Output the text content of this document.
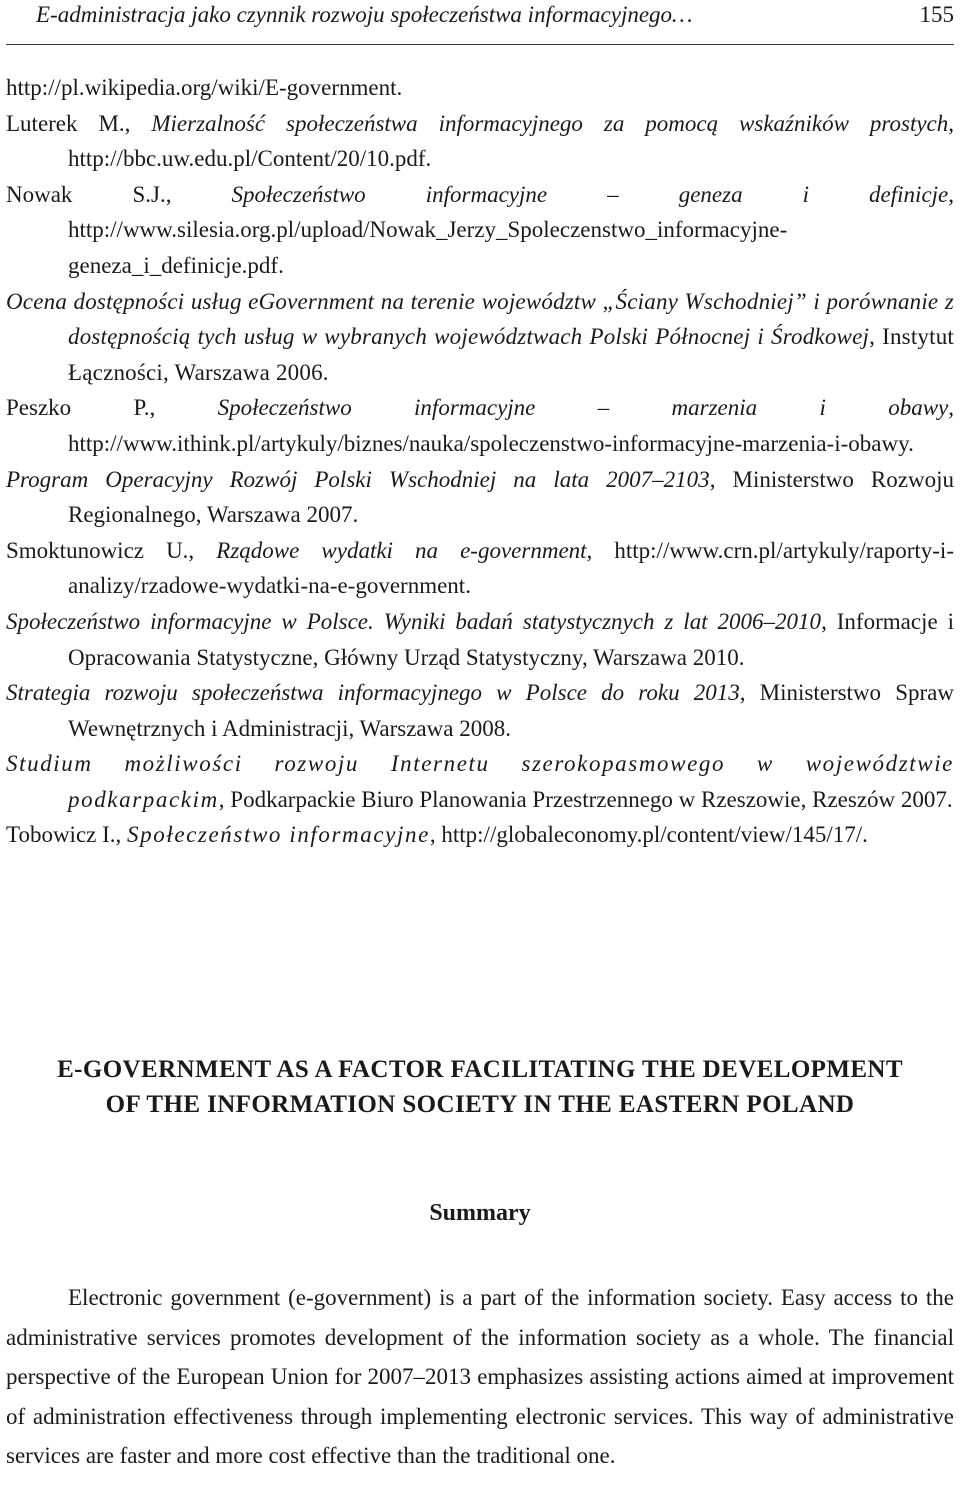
E-administracja jako czynnik rozwoju społeczeństwa informacyjnego…	155
http://pl.wikipedia.org/wiki/E-government.
Luterek M., Mierzalność społeczeństwa informacyjnego za pomocą wskaźników prostych, http://bbc.uw.edu.pl/Content/20/10.pdf.
Nowak S.J., Społeczeństwo informacyjne – geneza i definicje, http://www.silesia.org.pl/upload/Nowak_Jerzy_Spoleczenstwo_informacyjne-geneza_i_definicje.pdf.
Ocena dostępności usług eGovernment na terenie województw „Ściany Wschodniej” i porównanie z dostępnością tych usług w wybranych województwach Polski Północnej i Środkowej, Instytut Łączności, Warszawa 2006.
Peszko P., Społeczeństwo informacyjne – marzenia i obawy, http://www.ithink.pl/artykuly/biznes/nauka/spoleczenstwo-informacyjne-marzenia-i-obawy.
Program Operacyjny Rozwój Polski Wschodniej na lata 2007–2103, Ministerstwo Rozwoju Regionalnego, Warszawa 2007.
Smoktunowicz U., Rządowe wydatki na e-government, http://www.crn.pl/artykuly/raporty-i-analizy/rzadowe-wydatki-na-e-government.
Społeczeństwo informacyjne w Polsce. Wyniki badań statystycznych z lat 2006–2010, Informacje i Opracowania Statystyczne, Główny Urząd Statystyczny, Warszawa 2010.
Strategia rozwoju społeczeństwa informacyjnego w Polsce do roku 2013, Ministerstwo Spraw Wewnętrznych i Administracji, Warszawa 2008.
Studium możliwości rozwoju Internetu szerokopasmowego w województwie podkarpackim, Podkarpackie Biuro Planowania Przestrzennego w Rzeszowie, Rzeszów 2007.
Tobowicz I., Społeczeństwo informacyjne, http://globaleconomy.pl/content/view/145/17/.
E-GOVERNMENT AS A FACTOR FACILITATING THE DEVELOPMENT
OF THE INFORMATION SOCIETY IN THE EASTERN POLAND
Summary
Electronic government (e-government) is a part of the information society. Easy access to the administrative services promotes development of the information society as a whole. The financial perspective of the European Union for 2007–2013 emphasizes assisting actions aimed at improvement of administration effectiveness through implementing electronic services. This way of administrative services are faster and more cost effective than the traditional one.
